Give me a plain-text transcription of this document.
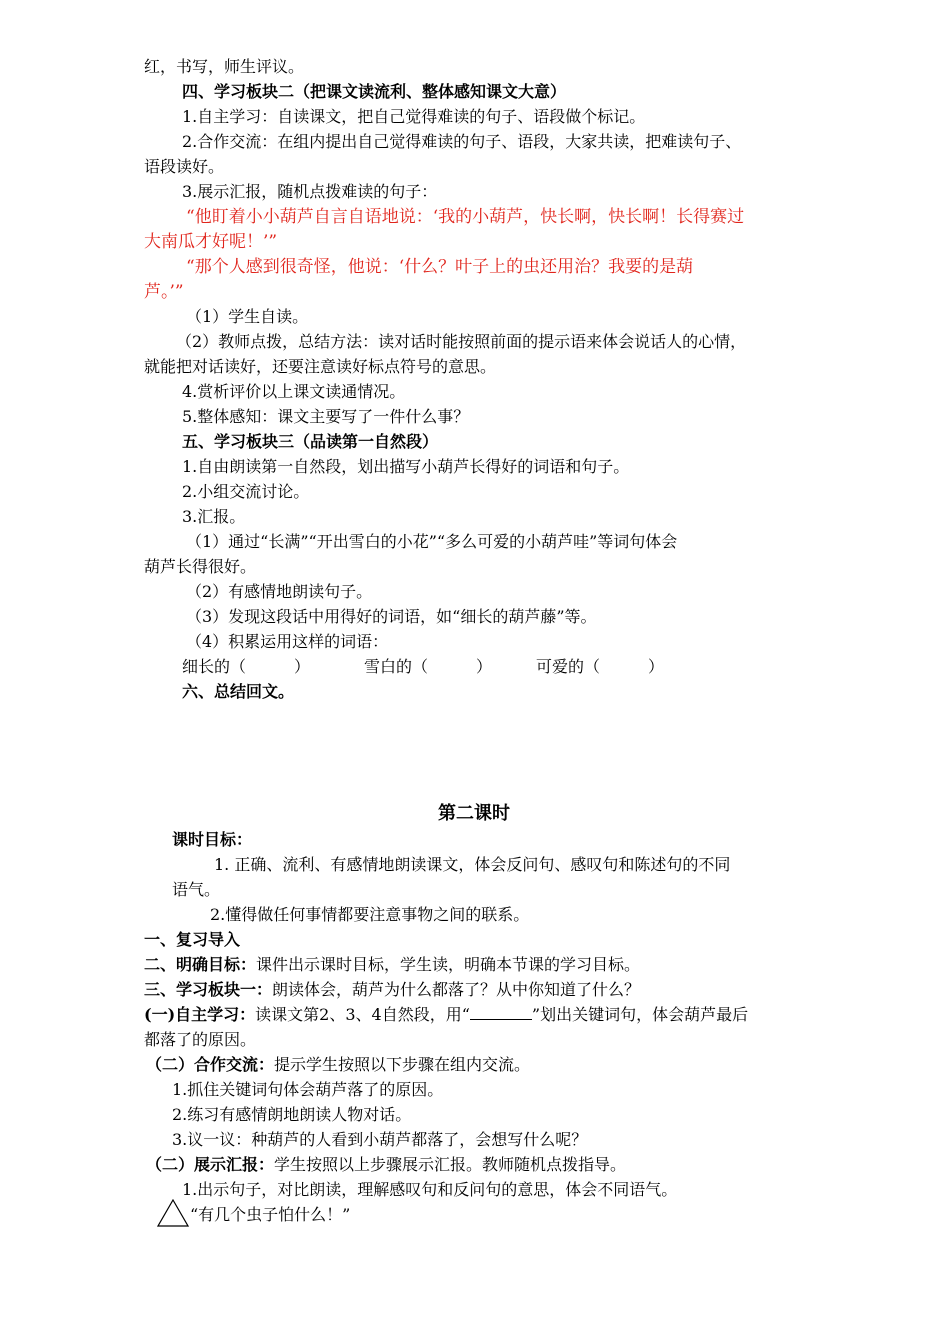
红，书写，师生评议。
四、学习板块二（把课文读流利、整体感知课文大意）
1.自主学习：自读课文，把自己觉得难读的句子、语段做个标记。
2.合作交流：在组内提出自己觉得难读的句子、语段，大家共读，把难读句子、
语段读好。
3.展示汇报，随机点拨难读的句子：
“他盯着小小葫芦自言自语地说：‘我的小葫芦，快长啊，快长啊！长得赛过
大南瓜才好呢！’”
“那个人感到很奇怪，他说：‘什么？叶子上的虫还用治？我要的是葫
芦。’”
（1）学生自读。
（2）教师点拨，总结方法：读对话时能按照前面的提示语来体会说话人的心情，
就能把对话读好，还要注意读好标点符号的意思。
4.赏析评价以上课文读通情况。
5.整体感知：课文主要写了一件什么事？
五、学习板块三（品读第一自然段）
1.自由朗读第一自然段，划出描写小葫芦长得好的词语和句子。
2.小组交流讨论。
3.汇报。
（1）通过“长满”“开出雪白的小花”“多么可爱的小葫芦哇”等词句体会
葫芦长得很好。
（2）有感情地朗读句子。
（3）发现这段话中用得好的词语，如“细长的葫芦藤”等。
（4）积累运用这样的词语：
细长的（　　　）	雪白的（　　　）	可爱的（　　　）
六、总结回文。
第二课时
课时目标：
1. 正确、流利、有感情地朗读课文，体会反问句、感叹句和陈述句的不同
语气。
2.懂得做任何事情都要注意事物之间的联系。
一、复习导入
二、明确目标：课件出示课时目标，学生读，明确本节课的学习目标。
三、学习板块一：朗读体会，葫芦为什么都落了？从中你知道了什么？
(一)自主学习：读课文第2、3、4自然段，用“	”划出关键词句，体会葫芦最后
都落了的原因。
（二）合作交流：提示学生按照以下步骤在组内交流。
1.抓住关键词句体会葫芦落了的原因。
2.练习有感情朗地朗读人物对话。
3.议一议：种葫芦的人看到小葫芦都落了，会想写什么呢？
（二）展示汇报：学生按照以上步骤展示汇报。教师随机点拨指导。
1.出示句子，对比朗读，理解感叹句和反问句的意思，体会不同语气。
“有几个虫子怕什么！”
